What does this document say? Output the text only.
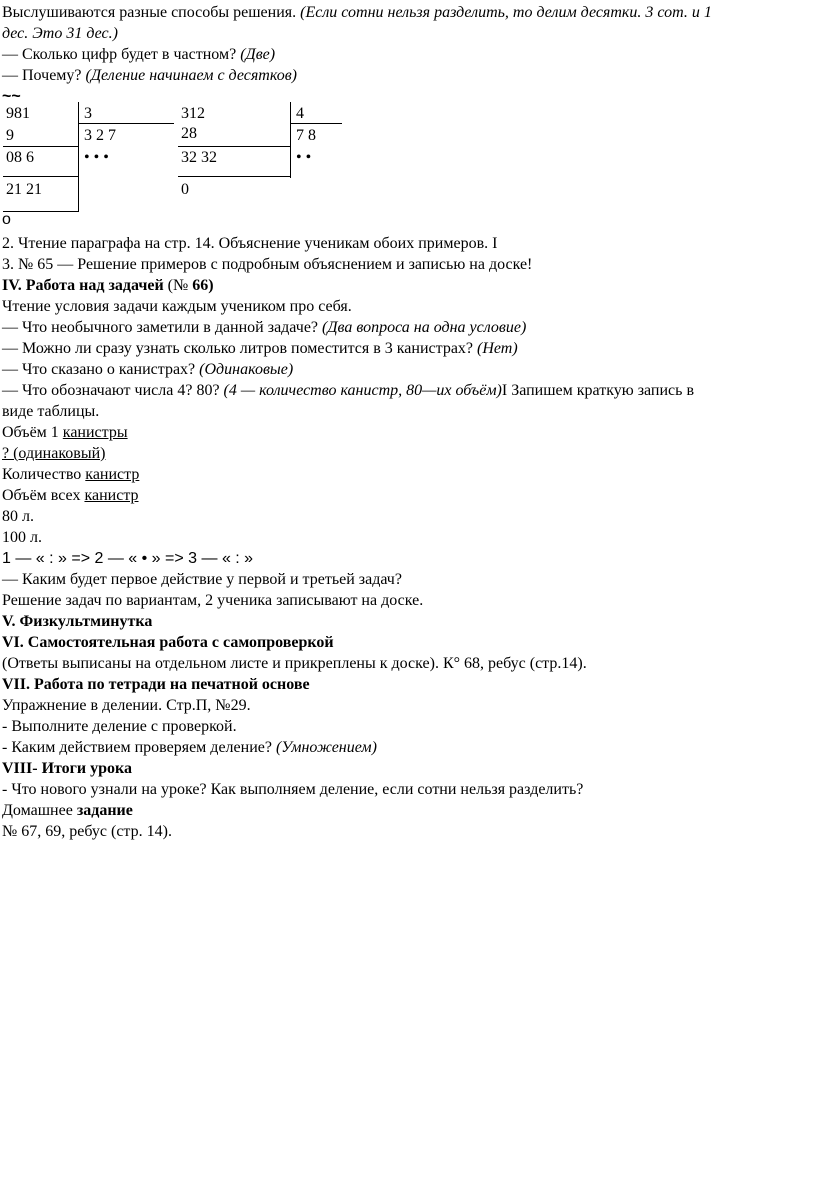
Выслушиваются разные способы решения. (Если сотни нельзя разделить, то делим десятки. 3 сот. и 1
дес. Это 31 дес.)
— Сколько цифр будет в частном? (Две)
— Почему? (Деление начинаем с десятков)
~~
981	3
9	3 2 7
08 6	• • •
21 21
o
312	4
28	7 8
32 32	• •
0
2. Чтение параграфа на стр. 14. Объяснение ученикам обоих примеров. I
3. № 65 — Решение примеров с подробным объяснением и записью на доске!
IV. Работа над задачей (№ 66)
Чтение условия задачи каждым учеником про себя.
— Что необычного заметили в данной задаче? (Два вопроса на одна условие)
— Можно ли сразу узнать сколько литров поместится в 3 канистрах? (Нет)
— Что сказано о канистрах? (Одинаковые)
— Что обозначают числа 4? 80? (4 — количество канистр, 80—их объём)I Запишем краткую запись в
виде таблицы.
Объём 1 канистры
? (одинаковый)
Количество канистр
Объём всех канистр
80 л.
100 л.
1 — « : » => 2 — « • » => 3 — « : »
— Каким будет первое действие у первой и третьей задач?
Решение задач по вариантам, 2 ученика записывают на доске.
V. Физкультминутка
VI. Самостоятельная работа с самопроверкой
(Ответы выписаны на отдельном листе и прикреплены к доске). К° 68, ребус (стр.14).
VII. Работа по тетради на печатной основе
Упражнение в делении. Стр.П, №29.
- Выполните деление с проверкой.
- Каким действием проверяем деление? (Умножением)
VIII- Итоги урока
- Что нового узнали на уроке? Как выполняем деление, если сотни нельзя разделить?
Домашнее задание
№ 67, 69, ребус (стр. 14).
